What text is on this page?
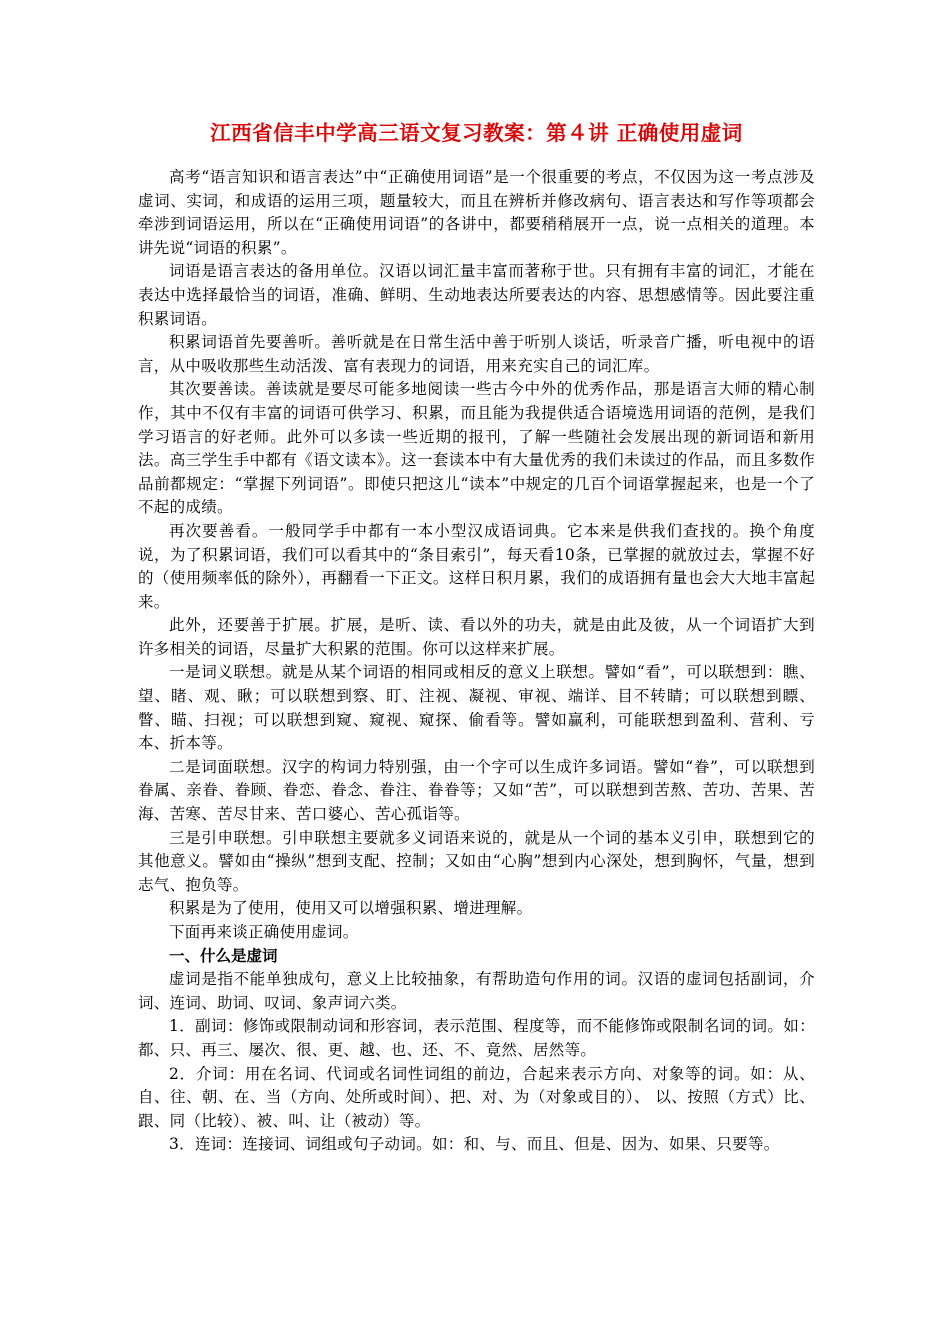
江西省信丰中学高三语文复习教案：第４讲 正确使用虚词

高考“语言知识和语言表达”中“正确使用词语”是一个很重要的考点，不仅因为这一考点涉及虚词、实词，和成语的运用三项，题量较大，而且在辨析并修改病句、语言表达和写作等项都会牵涉到词语运用，所以在“正确使用词语”的各讲中，都要稍稍展开一点，说一点相关的道理。本讲先说“词语的积累”。

词语是语言表达的备用单位。汉语以词汇量丰富而著称于世。只有拥有丰富的词汇，才能在表达中选择最恰当的词语，准确、鲜明、生动地表达所要表达的内容、思想感情等。因此要注重积累词语。

积累词语首先要善听。善听就是在日常生活中善于听别人谈话，听录音广播，听电视中的语言，从中吸收那些生动活泼、富有表现力的词语，用来充实自己的词汇库。

其次要善读。善读就是要尽可能多地阅读一些古今中外的优秀作品，那是语言大师的精心制作，其中不仅有丰富的词语可供学习、积累，而且能为我提供适合语境选用词语的范例，是我们学习语言的好老师。此外可以多读一些近期的报刊，了解一些随社会发展出现的新词语和新用法。高三学生手中都有《语文读本》。这一套读本中有大量优秀的我们未读过的作品，而且多数作品前都规定：“掌握下列词语”。即使只把这儿“读本”中规定的几百个词语掌握起来，也是一个了不起的成绩。

再次要善看。一般同学手中都有一本小型汉成语词典。它本来是供我们查找的。换个角度说，为了积累词语，我们可以看其中的“条目索引”，每天看10条，已掌握的就放过去，掌握不好的（使用频率低的除外），再翻看一下正文。这样日积月累，我们的成语拥有量也会大大地丰富起来。

此外，还要善于扩展。扩展，是听、读、看以外的功夫，就是由此及彼，从一个词语扩大到许多相关的词语，尽量扩大积累的范围。你可以这样来扩展。

一是词义联想。就是从某个词语的相同或相反的意义上联想。譬如“看”，可以联想到：瞧、望、睹、观、瞅；可以联想到察、盯、注视、凝视、审视、端详、目不转睛；可以联想到瞟、瞥、瞄、扫视；可以联想到窥、窥视、窥探、偷看等。譬如赢利，可能联想到盈利、营利、亏本、折本等。

二是词面联想。汉字的构词力特别强，由一个字可以生成许多词语。譬如“眷”，可以联想到眷属、亲眷、眷顾、眷恋、眷念、眷注、眷眷等；又如“苦”，可以联想到苦熬、苦功、苦果、苦海、苦寒、苦尽甘来、苦口婆心、苦心孤诣等。

三是引申联想。引申联想主要就多义词语来说的，就是从一个词的基本义引申，联想到它的其他意义。譬如由“操纵”想到支配、控制；又如由“心胸”想到内心深处，想到胸怀，气量，想到志气、抱负等。

积累是为了使用，使用又可以增强积累、增进理解。

下面再来谈正确使用虚词。

一、什么是虚词

虚词是指不能单独成句，意义上比较抽象，有帮助造句作用的词。汉语的虚词包括副词，介词、连词、助词、叹词、象声词六类。

1．副词：修饰或限制动词和形容词，表示范围、程度等，而不能修饰或限制名词的词。如：都、只、再三、屡次、很、更、越、也、还、不、竟然、居然等。

2．介词：用在名词、代词或名词性词组的前边，合起来表示方向、对象等的词。如：从、自、往、朝、在、当（方向、处所或时间）、把、对、为（对象或目的）、 以、按照（方式）比、跟、同（比较）、被、叫、让（被动）等。

3．连词：连接词、词组或句子动词。如：和、与、而且、但是、因为、如果、只要等。
